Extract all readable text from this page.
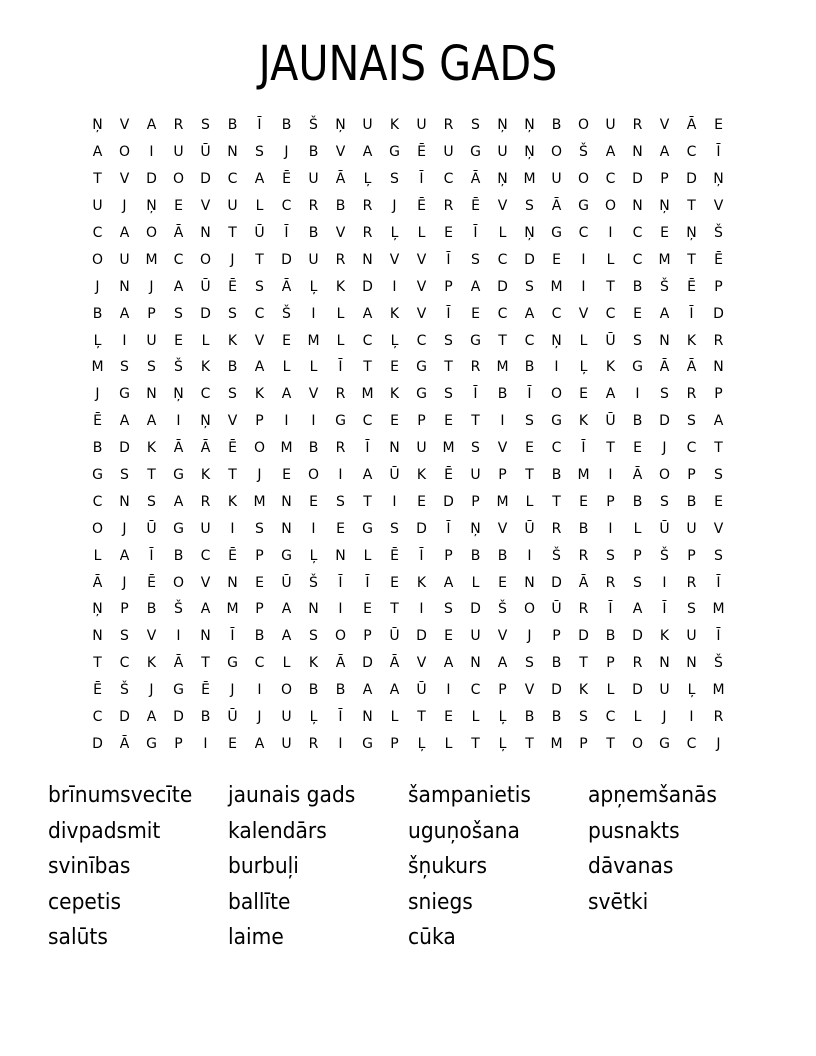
JAUNAIS GADS
Ņ	V	A	R	S	B	Ī	B	Š	Ņ	U	K	U	R	S	Ņ	Ņ	B	O	U	R	V	Ā	E
A	O	I	U	Ū	N	S	J	B	V	A	G	Ē	U	G	U	Ņ	O	Š	A	N	A	C	Ī
T	V	D	O	D	C	A	Ē	U	Ā	Ļ	S	Ī	C	Ā	Ņ	M	U	O	C	D	P	D	Ņ
U	J	Ņ	E	V	U	L	C	R	B	R	J	Ē	R	Ē	V	S	Ā	G	O	N	Ņ	T	V
C	A	O	Ā	N	T	Ū	Ī	B	V	R	Ļ	L	E	Ī	L	Ņ	G	C	I	C	E	Ņ	Š
O	U	M	C	O	J	T	D	U	R	N	V	V	Ī	S	C	D	E	I	L	C	M	T	Ē
J	N	J	A	Ū	Ē	S	Ā	Ļ	K	D	I	V	P	A	D	S	M	I	T	B	Š	Ē	P
B	A	P	S	D	S	C	Š	I	L	A	K	V	Ī	E	C	A	C	V	C	E	A	Ī	D
Ļ	I	U	E	L	K	V	E	M	L	C	Ļ	C	S	G	T	C	Ņ	L	Ū	S	N	K	R
M	S	S	Š	K	B	A	L	L	Ī	T	E	G	T	R	M	B	I	Ļ	K	G	Ā	Ā	N
J	G	N	Ņ	C	S	K	A	V	R	M	K	G	S	Ī	B	Ī	O	E	A	I	S	R	P
Ē	A	A	I	Ņ	V	P	I	I	G	C	E	P	E	T	I	S	G	K	Ū	B	D	S	A
B	D	K	Ā	Ā	Ē	O	M	B	R	Ī	N	U	M	S	V	E	C	Ī	T	E	J	C	T
G	S	T	G	K	T	J	E	O	I	A	Ū	K	Ē	U	P	T	B	M	I	Ā	O	P	S
C	N	S	A	R	K	M	N	E	S	T	I	E	D	P	M	L	T	E	P	B	S	B	E
O	J	Ū	G	U	I	S	N	I	E	G	S	D	Ī	Ņ	V	Ū	R	B	I	L	Ū	U	V
L	A	Ī	B	C	Ē	P	G	Ļ	N	L	Ē	Ī	P	B	B	I	Š	R	S	P	Š	P	S
Ā	J	Ē	O	V	N	E	Ū	Š	Ī	Ī	E	K	A	L	E	N	D	Ā	R	S	I	R	Ī
Ņ	P	B	Š	A	M	P	A	N	I	E	T	I	S	D	Š	O	Ū	R	Ī	A	Ī	S	M
N	S	V	I	N	Ī	B	A	S	O	P	Ū	D	E	U	V	J	P	D	B	D	K	U	Ī
T	C	K	Ā	T	G	C	L	K	Ā	D	Ā	V	A	N	A	S	B	T	P	R	N	N	Š
Ē	Š	J	G	Ē	J	I	O	B	B	A	A	Ū	I	C	P	V	D	K	L	D	U	Ļ	M
C	D	A	D	B	Ū	J	U	Ļ	Ī	N	L	T	E	L	Ļ	B	B	S	C	L	J	I	R
D	Ā	G	P	I	E	A	U	R	I	G	P	Ļ	L	T	Ļ	T	M	P	T	O	G	C	J
brīnumsvecīte	jaunais gads	šampanietis	apņemšanās
divpadsmit	kalendārs	uguņošana	pusnakts
svinības	burbuļi	šņukurs	dāvanas
cepetis	ballīte	sniegs	svētki
salūts	laime	cūka
